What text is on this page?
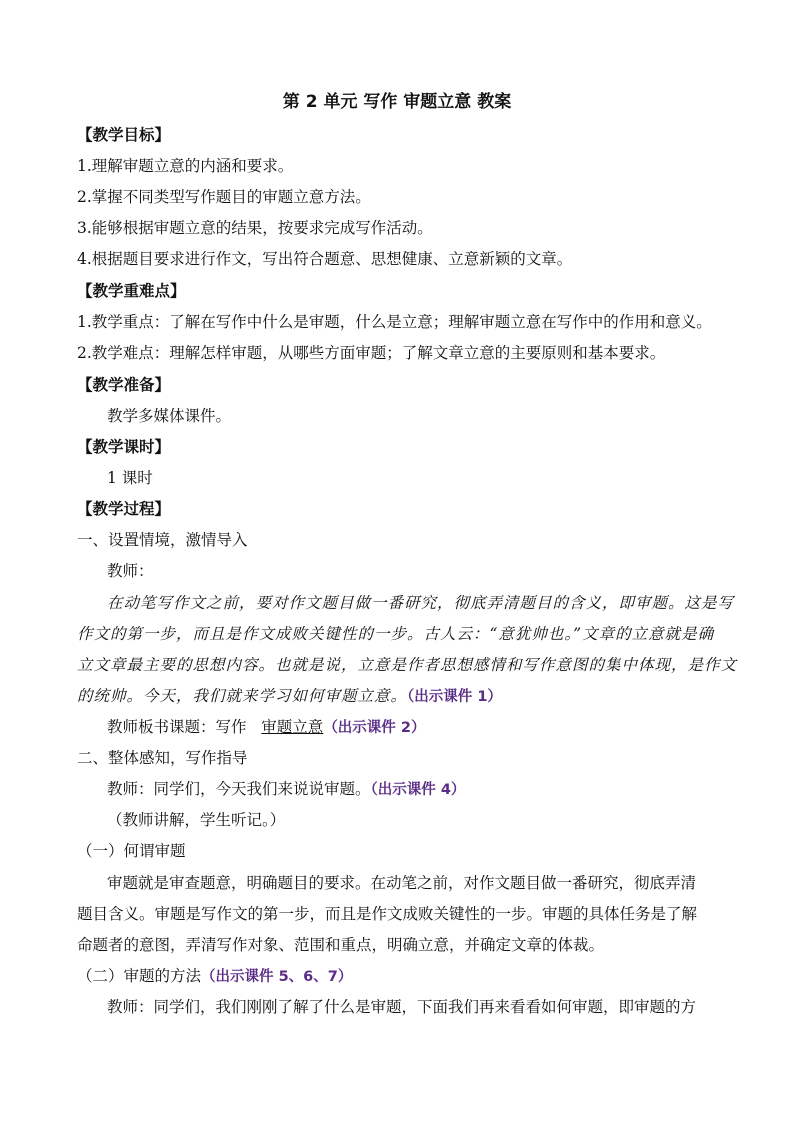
第 2 单元 写作 审题立意 教案
【教学目标】
1.理解审题立意的内涵和要求。
2.掌握不同类型写作题目的审题立意方法。
3.能够根据审题立意的结果，按要求完成写作活动。
4.根据题目要求进行作文，写出符合题意、思想健康、立意新颖的文章。
【教学重难点】
1.教学重点：了解在写作中什么是审题，什么是立意；理解审题立意在写作中的作用和意义。
2.教学难点：理解怎样审题，从哪些方面审题；了解文章立意的主要原则和基本要求。
【教学准备】
教学多媒体课件。
【教学课时】
1 课时
【教学过程】
一、设置情境，激情导入
教师：
在动笔写作文之前，要对作文题目做一番研究，彻底弄清题目的含义，即审题。这是写
作文的第一步，而且是作文成败关键性的一步。古人云：“意犹帅也。”文章的立意就是确
立文章最主要的思想内容。也就是说，立意是作者思想感情和写作意图的集中体现，是作文
的统帅。今天，我们就来学习如何审题立意。（出示课件 1）
教师板书课题：写作 审题立意（出示课件 2）
二、整体感知，写作指导
教师：同学们，今天我们来说说审题。（出示课件 4）
（教师讲解，学生听记。）
（一）何谓审题
审题就是审查题意，明确题目的要求。在动笔之前，对作文题目做一番研究，彻底弄清
题目含义。审题是写作文的第一步，而且是作文成败关键性的一步。审题的具体任务是了解
命题者的意图，弄清写作对象、范围和重点，明确立意，并确定文章的体裁。
（二）审题的方法（出示课件 5、6、7）
教师：同学们，我们刚刚了解了什么是审题，下面我们再来看看如何审题，即审题的方
